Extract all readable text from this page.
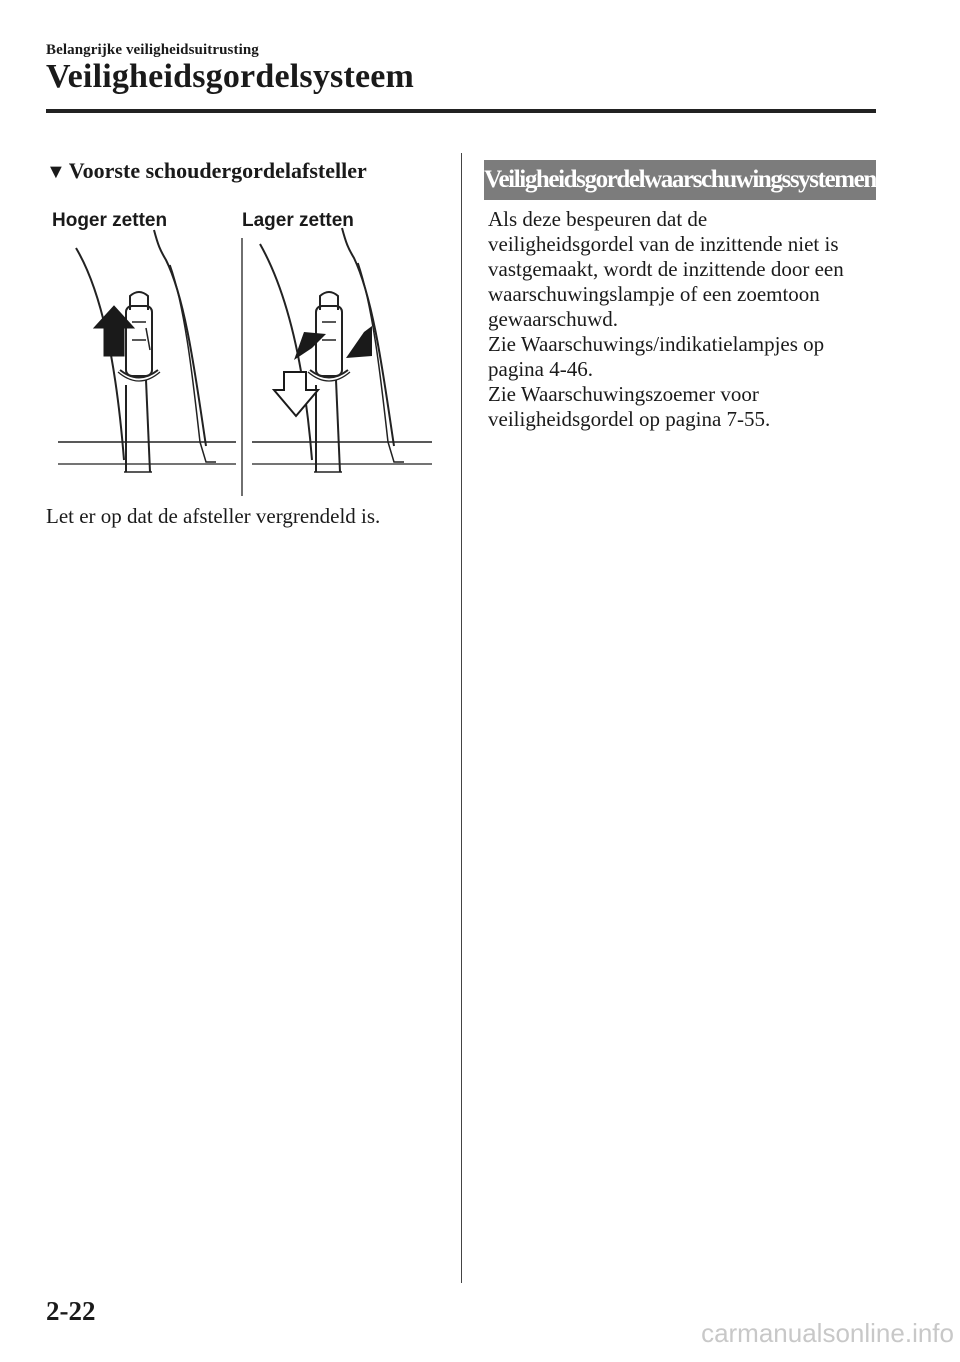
Belangrijke veiligheidsuitrusting
Veiligheidsgordelsysteem
▼ Voorste schoudergordelafsteller
Hoger zetten	Lager zetten
Let er op dat de afsteller vergrendeld is.
Veiligheidsgordelwaarschuwingssystemen
Als deze bespeuren dat de
veiligheidsgordel van de inzittende niet is
vastgemaakt, wordt de inzittende door een
waarschuwingslampje of een zoemtoon
gewaarschuwd.
Zie Waarschuwings/indikatielampjes op
pagina 4-46.
Zie Waarschuwingszoemer voor
veiligheidsgordel op pagina 7-55.
2-22
carmanualsonline.info
